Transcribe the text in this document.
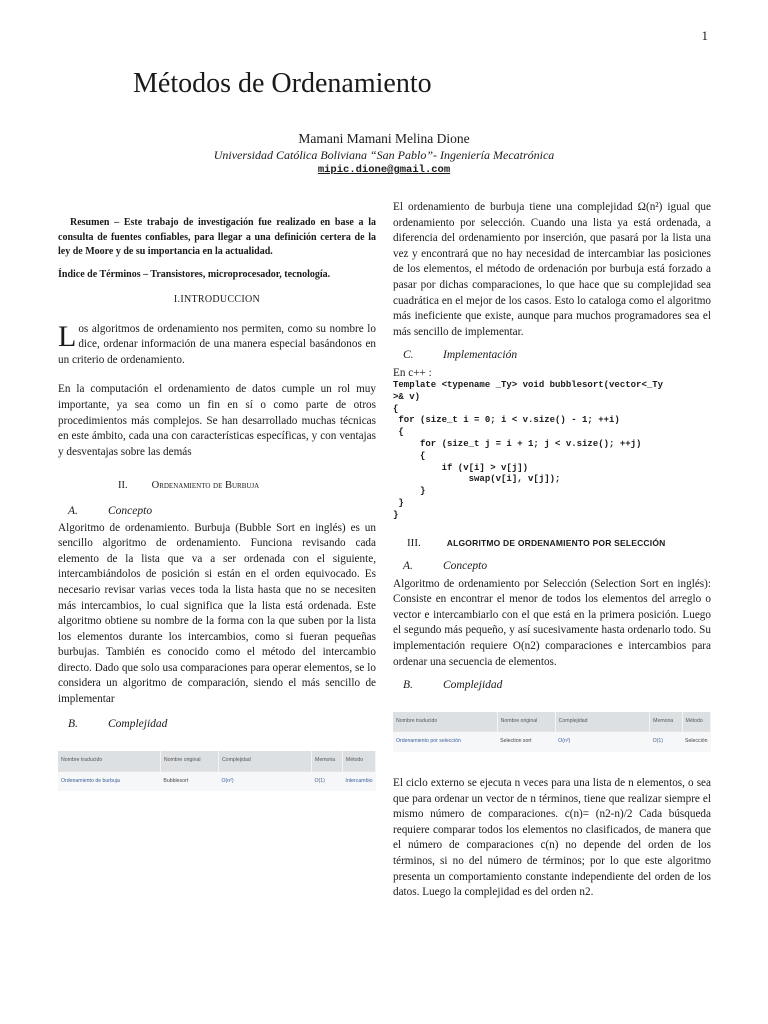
1
Métodos de Ordenamiento
Mamani Mamani Melina Dione
Universidad Católica Boliviana “San Pablo”- Ingeniería Mecatrónica
mipic.dione@gmail.com

Resumen – Este trabajo de investigación fue realizado en base a la consulta de fuentes confiables, para llegar a una definición certera de la ley de Moore y de su importancia en la actualidad.

Índice de Términos – Transistores, microprocesador, tecnología.

I.INTRODUCCION

Los algoritmos de ordenamiento nos permiten, como su nombre lo dice, ordenar información de una manera especial basándonos en un criterio de ordenamiento.

En la computación el ordenamiento de datos cumple un rol muy importante, ya sea como un fin en sí o como parte de otros procedimientos más complejos. Se han desarrollado muchas técnicas en este ámbito, cada una con características específicas, y con ventajas y desventajas sobre las demás

II. Ordenamiento de Burbuja

A.	Concepto

Algoritmo de ordenamiento. Burbuja (Bubble Sort en inglés) es un sencillo algoritmo de ordenamiento. Funciona revisando cada elemento de la lista que va a ser ordenada con el siguiente, intercambiándolos de posición si están en el orden equivocado. Es necesario revisar varias veces toda la lista hasta que no se necesiten más intercambios, lo cual significa que la lista está ordenada. Este algoritmo obtiene su nombre de la forma con la que suben por la lista los elementos durante los intercambios, como si fueran pequeñas burbujas. También es conocido como el método del intercambio directo. Dado que solo usa comparaciones para operar elementos, se lo considera un algoritmo de comparación, siendo el más sencillo de implementar

B.	Complejidad

Nombre traducido	Nombre original	Complejidad	Memoria	Método
Ordenamiento de burbuja	Bubblesort	O(n²)	O(1)	Intercambio

El ordenamiento de burbuja tiene una complejidad Ω(n²) igual que ordenamiento por selección. Cuando una lista ya está ordenada, a diferencia del ordenamiento por inserción, que pasará por la lista una vez y encontrará que no hay necesidad de intercambiar las posiciones de los elementos, el método de ordenación por burbuja está forzado a pasar por dichas comparaciones, lo que hace que su complejidad sea cuadrática en el mejor de los casos. Esto lo cataloga como el algoritmo más ineficiente que existe, aunque para muchos programadores sea el más sencillo de implementar.

C.	Implementación

En c++ :

Template <typename _Ty> void bubblesort(vector<_Ty
>& v)
{
for (size_t i = 0; i < v.size() - 1; ++i)
{
for (size_t j = i + 1; j < v.size(); ++j)
{
if (v[i] > v[j])
swap(v[i], v[j]);
}
}
}

III.	ALGORITMO DE ORDENAMIENTO POR SELECCIÓN

A.	Concepto

Algoritmo de ordenamiento por Selección (Selection Sort en inglés): Consiste en encontrar el menor de todos los elementos del arreglo o vector e intercambiarlo con el que está en la primera posición. Luego el segundo más pequeño, y así sucesivamente hasta ordenarlo todo. Su implementación requiere O(n2) comparaciones e intercambios para ordenar una secuencia de elementos.

B.	Complejidad

Nombre traducido	Nombre original	Complejidad	Memoria	Método
Ordenamiento por selección	Selection sort	O(n²)	O(1)	Selección

El ciclo externo se ejecuta n veces para una lista de n elementos, o sea que para ordenar un vector de n términos, tiene que realizar siempre el mismo número de comparaciones. c(n)= (n2-n)/2 Cada búsqueda requiere comparar todos los elementos no clasificados, de manera que el número de comparaciones c(n) no depende del orden de los términos, si no del número de términos; por lo que este algoritmo presenta un comportamiento constante independiente del orden de los datos. Luego la complejidad es del orden n2.
